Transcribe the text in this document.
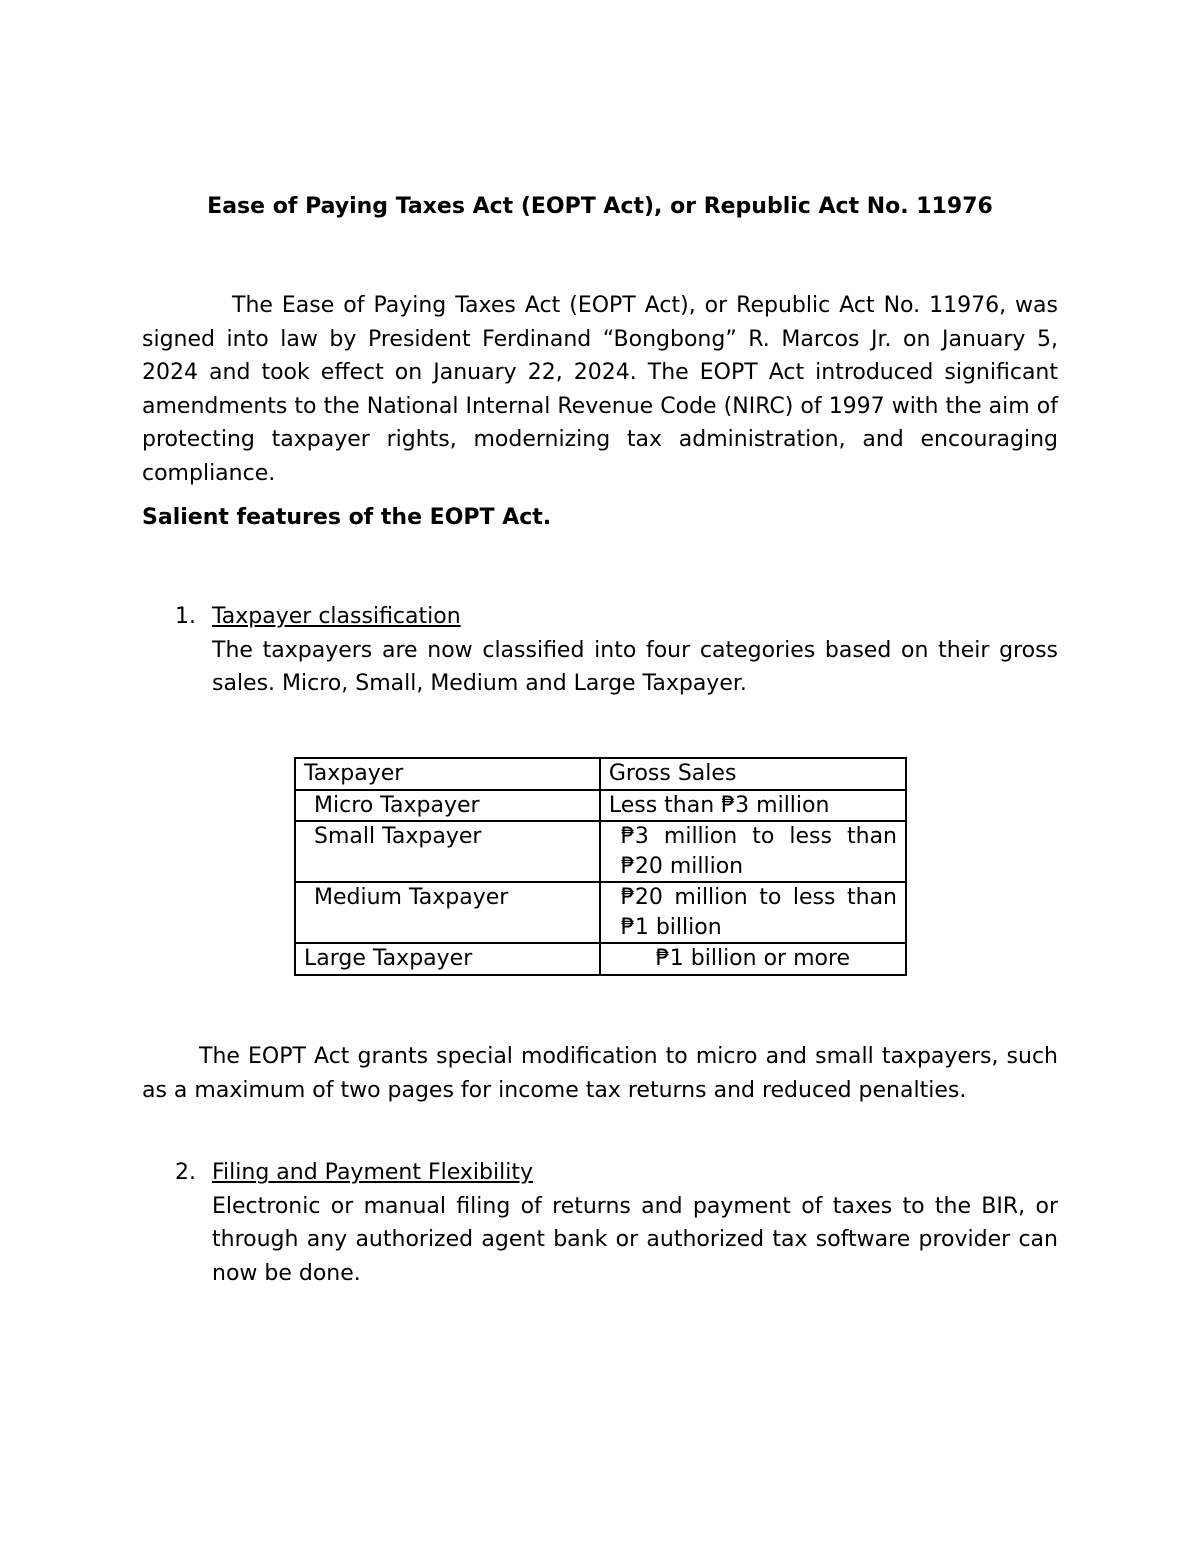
Ease of Paying Taxes Act (EOPT Act), or Republic Act No. 11976

The Ease of Paying Taxes Act (EOPT Act), or Republic Act No. 11976, was signed into law by President Ferdinand “Bongbong” R. Marcos Jr. on January 5, 2024 and took effect on January 22, 2024. The EOPT Act introduced significant amendments to the National Internal Revenue Code (NIRC) of 1997 with the aim of protecting taxpayer rights, modernizing tax administration, and encouraging compliance.

Salient features of the EOPT Act.
1. Taxpayer classification
The taxpayers are now classified into four categories based on their gross sales. Micro, Small, Medium and Large Taxpayer.
Taxpayer	Gross Sales
Micro Taxpayer	Less than ₱3 million
Small Taxpayer	₱3 million to less than ₱20 million
Medium Taxpayer	₱20 million to less than ₱1 billion
Large Taxpayer	₱1 billion or more

The EOPT Act grants special modification to micro and small taxpayers, such as a maximum of two pages for income tax returns and reduced penalties.

2. Filing and Payment Flexibility
Electronic or manual filing of returns and payment of taxes to the BIR, or through any authorized agent bank or authorized tax software provider can now be done.
